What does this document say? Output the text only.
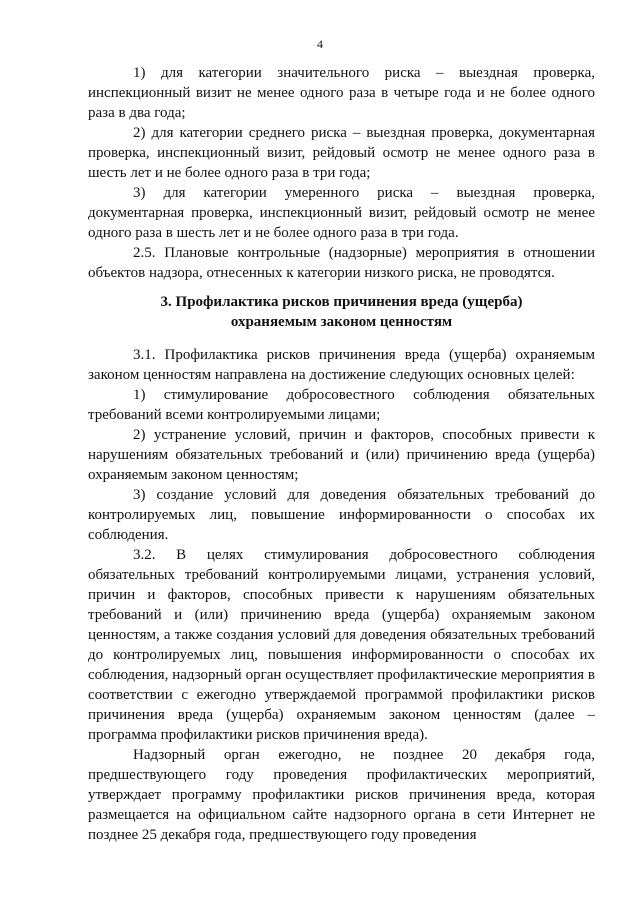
4

1) для категории значительного риска – выездная проверка, инспекционный визит не менее одного раза в четыре года и не более одного раза в два года;

2) для категории среднего риска – выездная проверка, документарная проверка, инспекционный визит, рейдовый осмотр не менее одного раза в шесть лет и не более одного раза в три года;

3) для категории умеренного риска – выездная проверка, документарная проверка, инспекционный визит, рейдовый осмотр не менее одного раза в шесть лет и не более одного раза в три года.

2.5. Плановые контрольные (надзорные) мероприятия в отношении объектов надзора, отнесенных к категории низкого риска, не проводятся.

3. Профилактика рисков причинения вреда (ущерба)

охраняемым законом ценностям

3.1. Профилактика рисков причинения вреда (ущерба) охраняемым законом ценностям направлена на достижение следующих основных целей:

1) стимулирование добросовестного соблюдения обязательных требований всеми контролируемыми лицами;

2) устранение условий, причин и факторов, способных привести к нарушениям обязательных требований и (или) причинению вреда (ущерба) охраняемым законом ценностям;

3) создание условий для доведения обязательных требований до контролируемых лиц, повышение информированности о способах их соблюдения.

3.2. В целях стимулирования добросовестного соблюдения обязательных требований контролируемыми лицами, устранения условий, причин и факторов, способных привести к нарушениям обязательных требований и (или) причинению вреда (ущерба) охраняемым законом ценностям, а также создания условий для доведения обязательных требований до контролируемых лиц, повышения информированности о способах их соблюдения, надзорный орган осуществляет профилактические мероприятия в соответствии с ежегодно утверждаемой программой профилактики рисков причинения вреда (ущерба) охраняемым законом ценностям (далее – программа профилактики рисков причинения вреда).

Надзорный орган ежегодно, не позднее 20 декабря года, предшествующего году проведения профилактических мероприятий, утверждает программу профилактики рисков причинения вреда, которая размещается на официальном сайте надзорного органа в сети Интернет не позднее 25 декабря года, предшествующего году проведения
